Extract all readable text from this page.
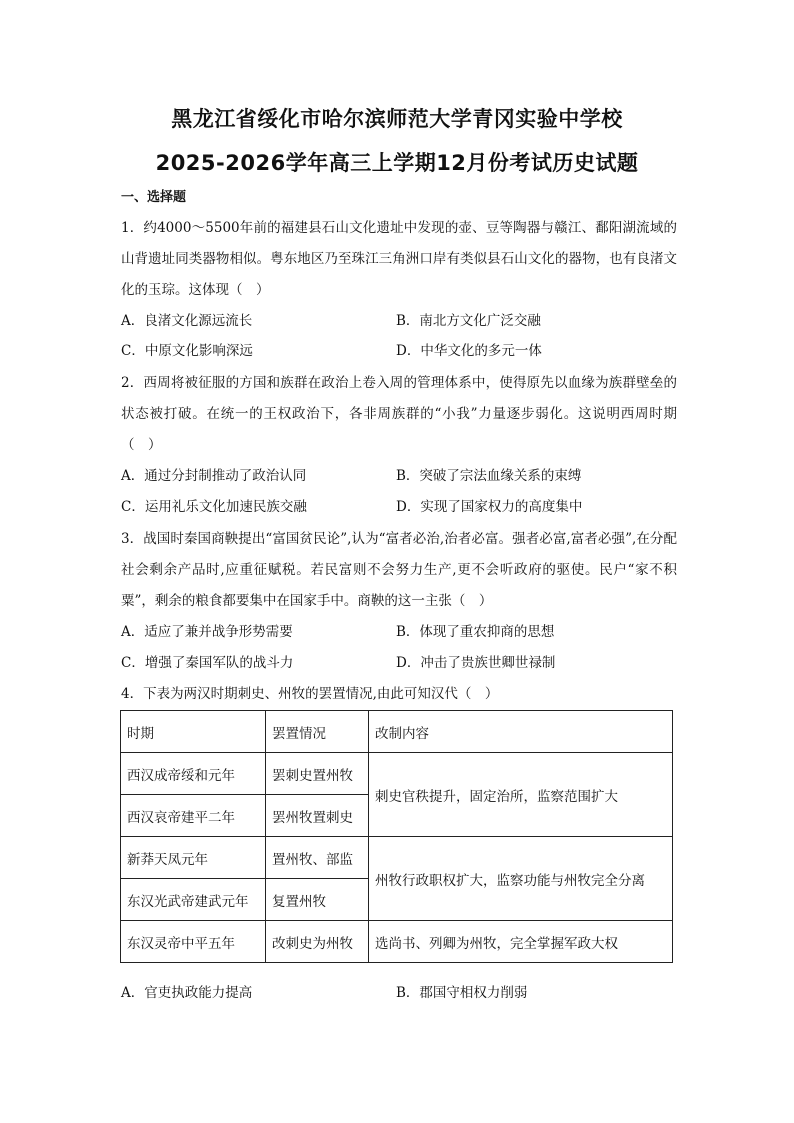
黑龙江省绥化市哈尔滨师范大学青冈实验中学校
2025-2026学年高三上学期12月份考试历史试题
一、选择题
1．约4000～5500年前的福建县石山文化遗址中发现的壶、豆等陶器与赣江、鄱阳湖流域的山背遗址同类器物相似。粤东地区乃至珠江三角洲口岸有类似县石山文化的器物，也有良渚文化的玉琮。这体现（　）
A．良渚文化源远流长	B．南北方文化广泛交融
C．中原文化影响深远	D．中华文化的多元一体
2．西周将被征服的方国和族群在政治上卷入周的管理体系中，使得原先以血缘为族群壁垒的状态被打破。在统一的王权政治下，各非周族群的“小我”力量逐步弱化。这说明西周时期（　）
A．通过分封制推动了政治认同	B．突破了宗法血缘关系的束缚
C．运用礼乐文化加速民族交融	D．实现了国家权力的高度集中
3．战国时秦国商鞅提出“富国贫民论”,认为“富者必治,治者必富。强者必富,富者必强”,在分配社会剩余产品时,应重征赋税。若民富则不会努力生产,更不会听政府的驱使。民户“家不积粟”，剩余的粮食都要集中在国家手中。商鞅的这一主张（　）
A．适应了兼并战争形势需要	B．体现了重农抑商的思想
C．增强了秦国军队的战斗力	D．冲击了贵族世卿世禄制
4．下表为两汉时期刺史、州牧的罢置情况,由此可知汉代（　）
时期	罢置情况	改制内容
西汉成帝绥和元年	罢刺史置州牧	刺史官秩提升，固定治所，监察范围扩大
西汉哀帝建平二年	罢州牧置刺史	
新莽天凤元年	置州牧、部监	州牧行政职权扩大，监察功能与州牧完全分离
东汉光武帝建武元年	复置州牧	
东汉灵帝中平五年	改刺史为州牧	选尚书、列卿为州牧，完全掌握军政大权
A．官吏执政能力提高	B．郡国守相权力削弱
